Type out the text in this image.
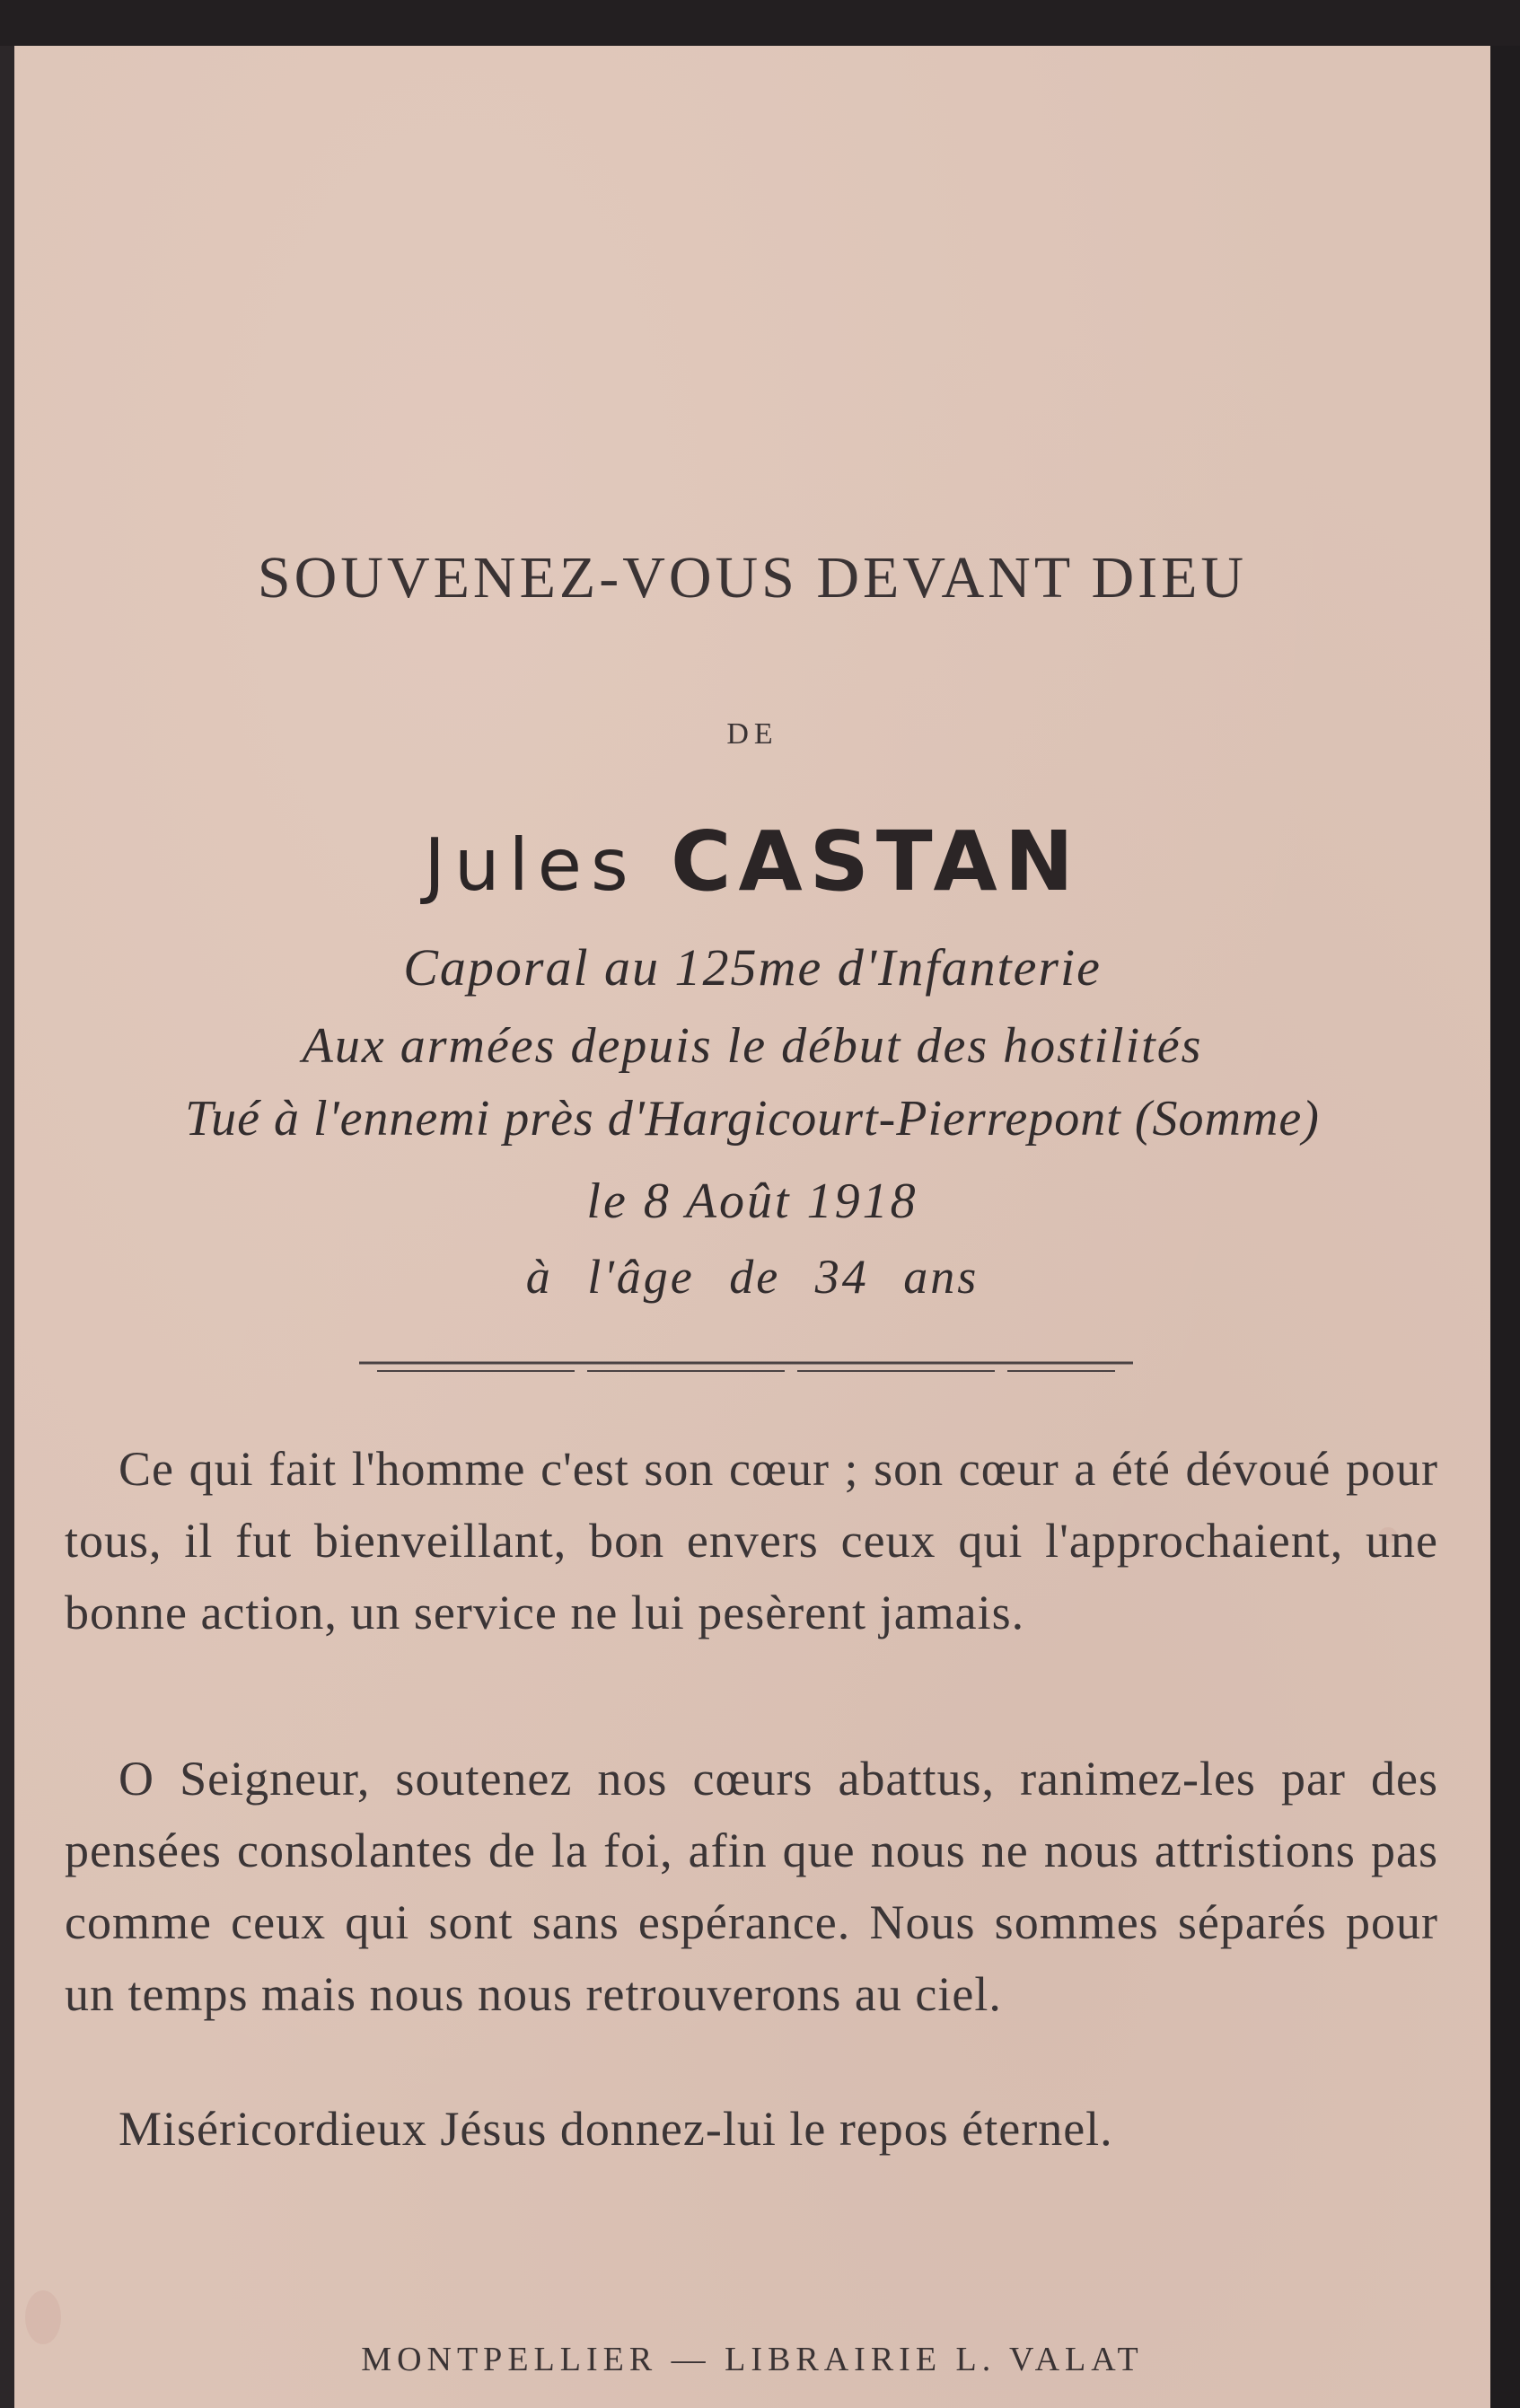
SOUVENEZ-VOUS DEVANT DIEU
DE
Jules CASTAN
Caporal au 125me d'Infanterie
Aux armées depuis le début des hostilités
Tué à l'ennemi près d'Hargicourt-Pierrepont (Somme)
le 8 Août 1918
à l'âge de 34 ans
Ce qui fait l'homme c'est son cœur ; son cœur a été dévoué pour tous, il fut bienveillant, bon envers ceux qui l'approchaient, une bonne action, un service ne lui pesèrent jamais.
O Seigneur, soutenez nos cœurs abattus, ranimez-les par des pensées consolantes de la foi, afin que nous ne nous attristions pas comme ceux qui sont sans espérance. Nous sommes séparés pour un temps mais nous nous retrouverons au ciel.
Miséricordieux Jésus donnez-lui le repos éternel.
MONTPELLIER — LIBRAIRIE L. VALAT
